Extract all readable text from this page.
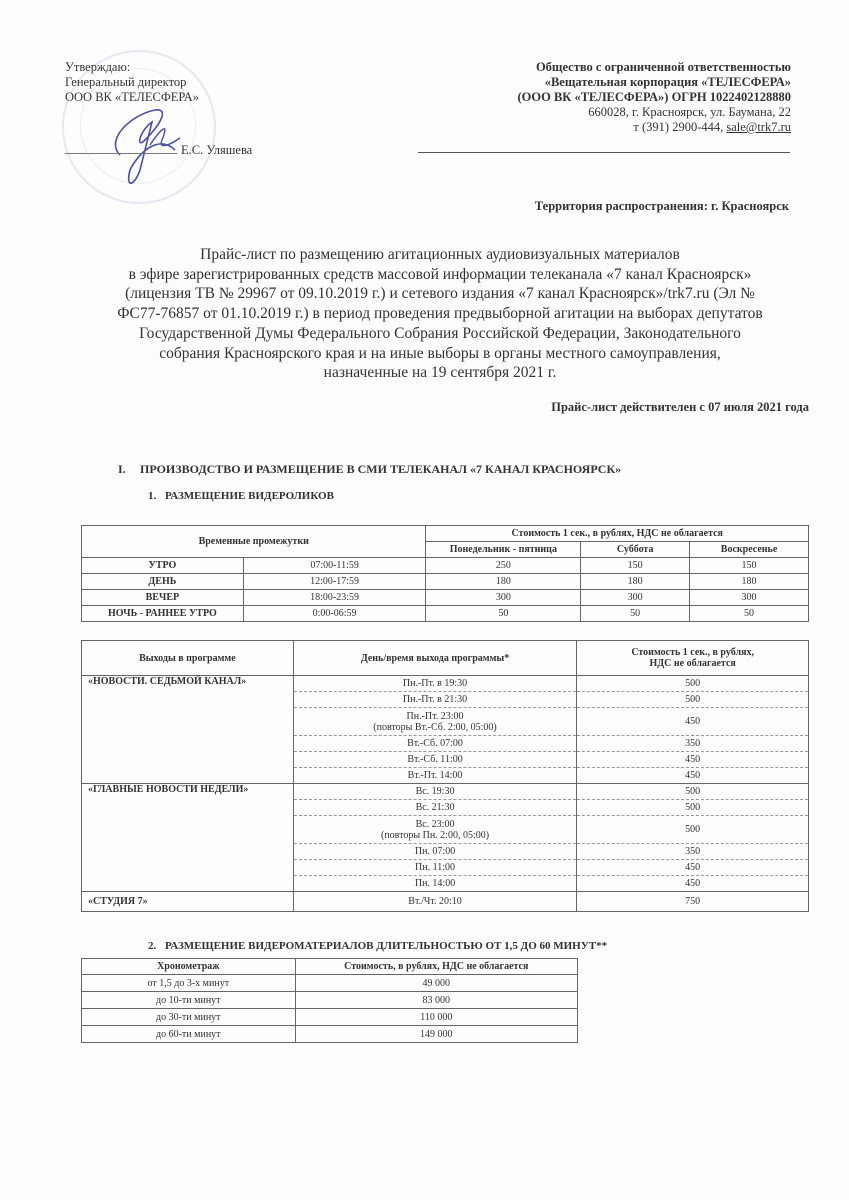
Утверждаю:
Генеральный директор
ООО ВК «ТЕЛЕСФЕРА»
Е.С. Уляшева
Общество с ограниченной ответственностью
«Вещательная корпорация «ТЕЛЕСФЕРА»
(ООО ВК «ТЕЛЕСФЕРА») ОГРН 1022402128880
660028, г. Красноярск, ул. Баумана, 22
т (391) 2900-444, sale@trk7.ru
Территория распространения: г. Красноярск
Прайс-лист по размещению агитационных аудиовизуальных материалов
в эфире зарегистрированных средств массовой информации телеканала «7 канал Красноярск»
(лицензия ТВ № 29967 от 09.10.2019 г.) и сетевого издания «7 канал Красноярск»/trk7.ru (Эл №
ФС77-76857 от 01.10.2019 г.) в период проведения предвыборной агитации на выборах депутатов
Государственной Думы Федерального Собрания Российской Федерации, Законодательного
собрания Красноярского края и на иные выборы в органы местного самоуправления,
назначенные на 19 сентября 2021 г.
Прайс-лист действителен с 07 июля 2021 года
I. ПРОИЗВОДСТВО И РАЗМЕЩЕНИЕ В СМИ ТЕЛЕКАНАЛ «7 КАНАЛ КРАСНОЯРСК»
1. РАЗМЕЩЕНИЕ ВИДЕРОЛИКОВ
Временные промежутки		Стоимость 1 сек., в рублях, НДС не облагается		
		Понедельник - пятница	Суббота	Воскресенье
УТРО	07:00-11:59	250	150	150
ДЕНЬ	12:00-17:59	180	180	180
ВЕЧЕР	18:00-23:59	300	300	300
НОЧЬ - РАННЕЕ УТРО	0:00-06:59	50	50	50
Выходы в программе	День/время выхода программы*	Стоимость 1 сек., в рублях,
НДС не облагается

«НОВОСТИ. СЕДЬМОЙ КАНАЛ»	Пн.-Пт. в 19:30	500
	Пн.-Пт. в 21:30	500

	Пн.-Пт. 23:00
(повторы Вт.-Сб. 2:00, 05:00)	450
	Вт.-Сб. 07:00	350
	Вт.-Сб. 11:00	450
	Вт.-Пт. 14:00	450
«ГЛАВНЫЕ НОВОСТИ НЕДЕЛИ»	Вс. 19:30	500
	Вс. 21:30	500

	Вс. 23:00
(повторы Пн. 2:00, 05:00)	500
	Пн. 07:00	350
	Пн. 11:00	450
	Пн. 14:00	450
«СТУДИЯ 7»	Вт./Чт. 20:10	750
2. РАЗМЕЩЕНИЕ ВИДЕРОМАТЕРИАЛОВ ДЛИТЕЛЬНОСТЬЮ ОТ 1,5 ДО 60 МИНУТ**
Хронометраж	Стоимость, в рублях, НДС не облагается
от 1,5 до 3-х минут	49 000
до 10-ти минут	83 000
до 30-ти минут	110 000
до 60-ти минут	149 000
